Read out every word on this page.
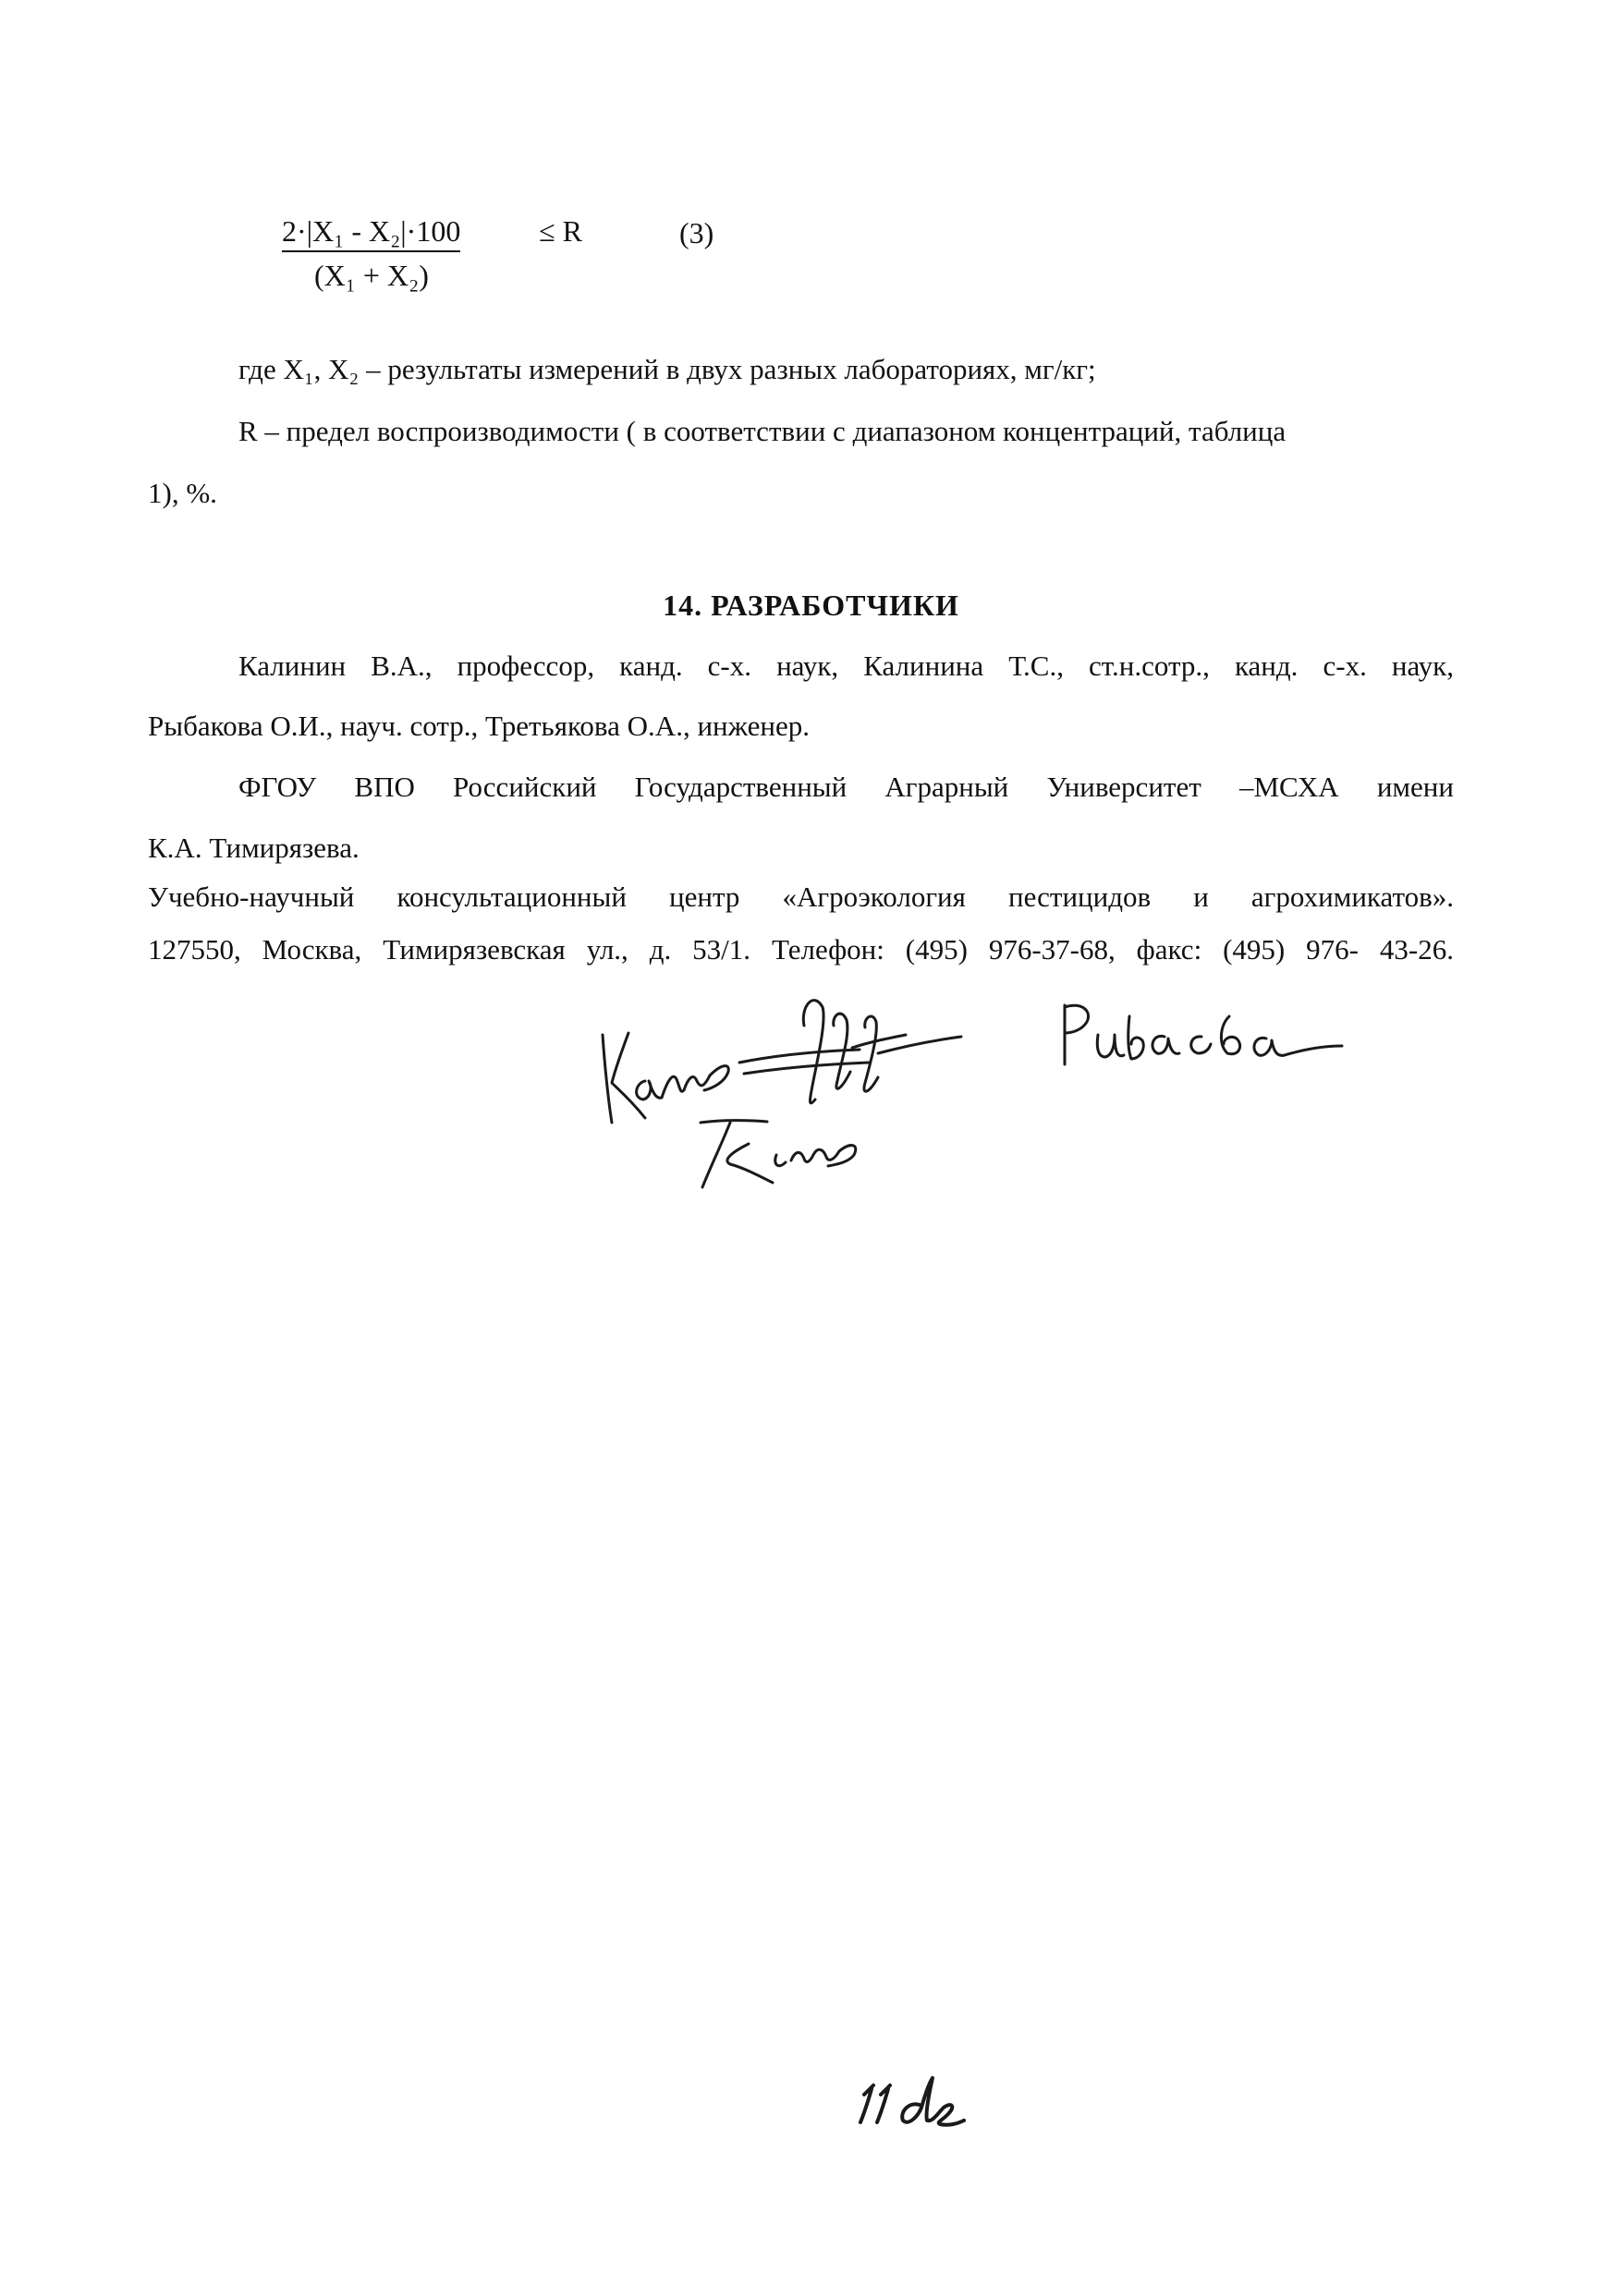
2·|X₁ - X₂|·100
(X₁ + X₂)
≤ R	(3)
где X₁, X₂ – результаты измерений в двух разных лабораториях, мг/кг;
R – предел воспроизводимости ( в соответствии с диапазоном концентраций, таблица
1), %.
14. РАЗРАБОТЧИКИ
Калинин В.А., профессор, канд. с-х. наук, Калинина Т.С., ст.н.сотр., канд. с-х. наук,
Рыбакова О.И., науч. сотр., Третьякова О.А., инженер.
ФГОУ ВПО Российский Государственный Аграрный Университет –МСХА имени
К.А. Тимирязева.
Учебно-научный консультационный центр «Агроэкология пестицидов и агрохимикатов».
127550, Москва, Тимирязевская ул., д. 53/1. Телефон: (495) 976-37-68, факс: (495) 976- 43-26.
